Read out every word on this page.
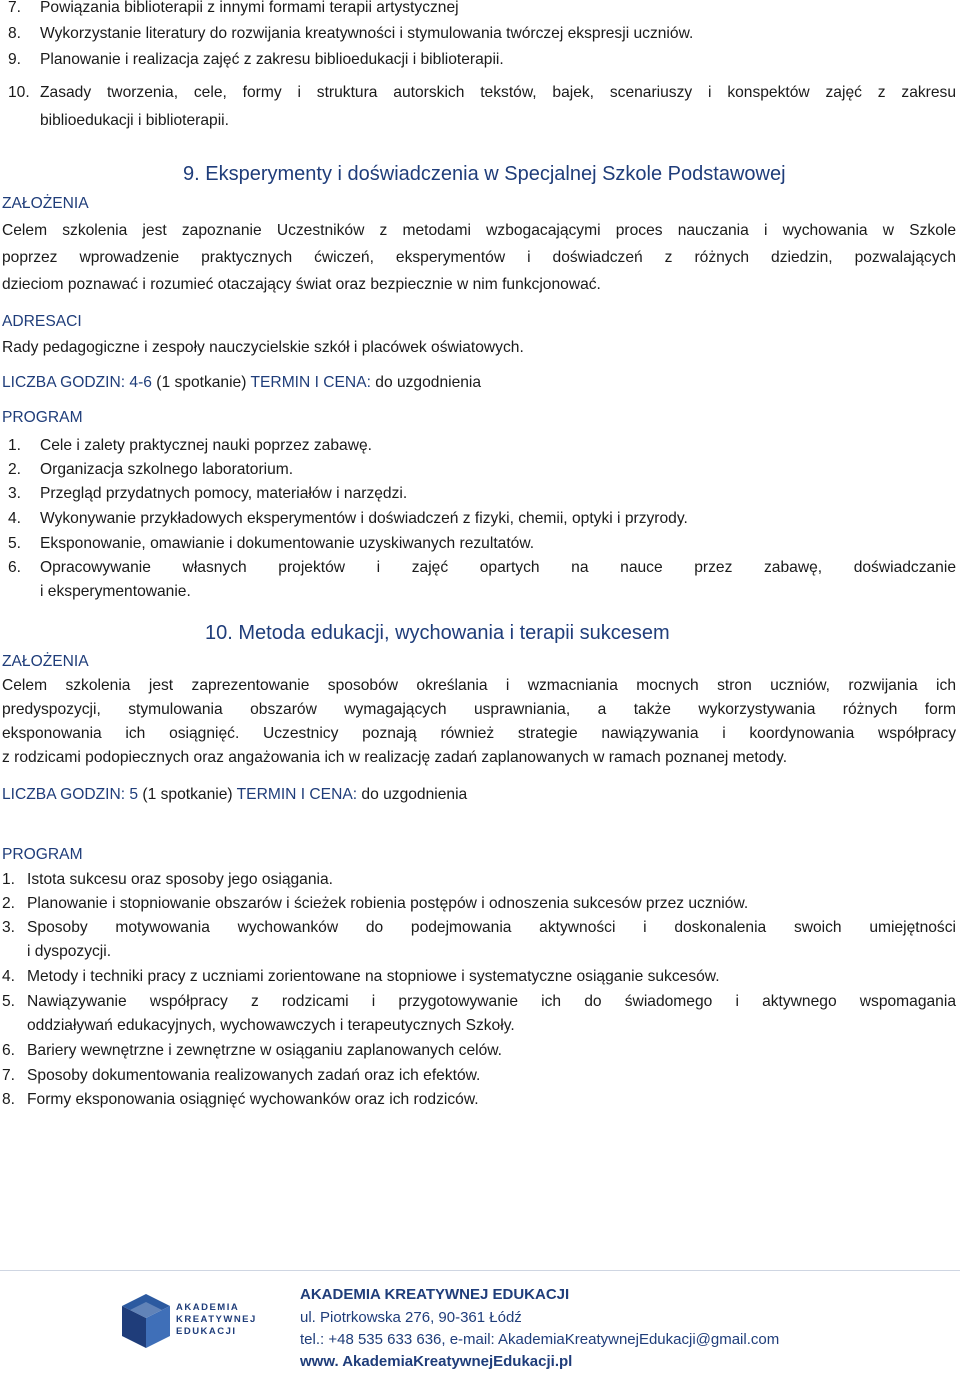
7. Powiązania biblioterapii z innymi formami terapii artystycznej
8. Wykorzystanie literatury do rozwijania kreatywności i stymulowania twórczej ekspresji uczniów.
9. Planowanie i realizacja zajęć z zakresu biblioedukacji i biblioterapii.
10. Zasady tworzenia, cele, formy i struktura autorskich tekstów, bajek, scenariuszy i konspektów zajęć z zakresu
biblioedukacji i biblioterapii.
9. Eksperymenty i doświadczenia w Specjalnej Szkole Podstawowej
ZAŁOŻENIA
Celem szkolenia jest zapoznanie Uczestników z metodami wzbogacającymi proces nauczania i wychowania w Szkole
poprzez wprowadzenie praktycznych ćwiczeń, eksperymentów i doświadczeń z różnych dziedzin, pozwalających
dzieciom poznawać i rozumieć otaczający świat oraz bezpiecznie w nim funkcjonować.
ADRESACI
Rady pedagogiczne i zespoły nauczycielskie szkół i placówek oświatowych.
LICZBA GODZIN: 4-6 (1 spotkanie) TERMIN I CENA: do uzgodnienia
PROGRAM
1. Cele i zalety praktycznej nauki poprzez zabawę.
2. Organizacja szkolnego laboratorium.
3. Przegląd przydatnych pomocy, materiałów i narzędzi.
4. Wykonywanie przykładowych eksperymentów i doświadczeń z fizyki, chemii, optyki i przyrody.
5. Eksponowanie, omawianie i dokumentowanie uzyskiwanych rezultatów.
6. Opracowywanie własnych projektów i zajęć opartych na nauce przez zabawę, doświadczanie
i eksperymentowanie.
10. Metoda edukacji, wychowania i terapii sukcesem
ZAŁOŻENIA
Celem szkolenia jest zaprezentowanie sposobów określania i wzmacniania mocnych stron uczniów, rozwijania ich
predyspozycji, stymulowania obszarów wymagających usprawniania, a także wykorzystywania różnych form
eksponowania ich osiągnięć. Uczestnicy poznają również strategie nawiązywania i koordynowania współpracy
z rodzicami podopiecznych oraz angażowania ich w realizację zadań zaplanowanych w ramach poznanej metody.
LICZBA GODZIN: 5 (1 spotkanie) TERMIN I CENA: do uzgodnienia
PROGRAM
1. Istota sukcesu oraz sposoby jego osiągania.
2. Planowanie i stopniowanie obszarów i ścieżek robienia postępów i odnoszenia sukcesów przez uczniów.
3. Sposoby motywowania wychowanków do podejmowania aktywności i doskonalenia swoich umiejętności
i dyspozycji.
4. Metody i techniki pracy z uczniami zorientowane na stopniowe i systematyczne osiąganie sukcesów.
5. Nawiązywanie współpracy z rodzicami i przygotowywanie ich do świadomego i aktywnego wspomagania
oddziaływań edukacyjnych, wychowawczych i terapeutycznych Szkoły.
6. Bariery wewnętrzne i zewnętrzne w osiąganiu zaplanowanych celów.
7. Sposoby dokumentowania realizowanych zadań oraz ich efektów.
8. Formy eksponowania osiągnięć wychowanków oraz ich rodziców.
AKADEMIA
KREATYWNEJ
EDUKACJI
AKADEMIA KREATYWNEJ EDUKACJI
ul. Piotrkowska 276, 90-361 Łódź
tel.: +48 535 633 636, e-mail: AkademiaKreatywnejEdukacji@gmail.com
www. AkademiaKreatywnejEdukacji.pl
